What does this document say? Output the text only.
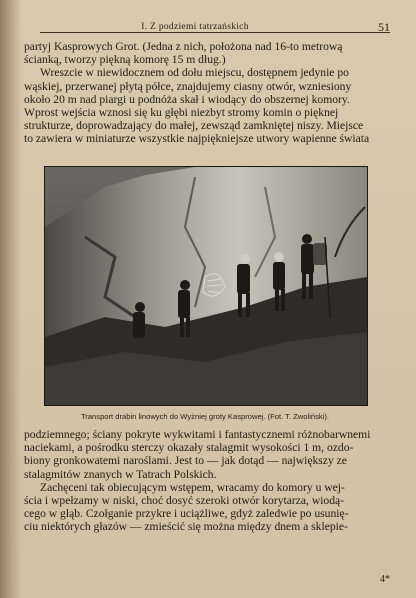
I. Z podziemi tatrzańskich	51

partyj Kasprowych Grot. (Jedna z nich, położona nad 16-to metrową
ścianką, tworzy piękną komorę 15 m dług.)
Wreszcie w niewidocznem od dołu miejscu, dostępnem jedynie po
wąskiej, przerwanej płytą półce, znajdujemy ciasny otwór, wzniesiony
około 20 m nad piargi u podnóża skał i wiodący do obszernej komory.
Wprost wejścia wznosi się ku głębi niezbyt stromy komin o pięknej
strukturze, doprowadzający do małej, zewsząd zamkniętej niszy. Miejsce
to zawiera w miniaturze wszystkie najpiękniejsze utwory wapienne świata

Transport drabin linowych do Wyżniej groty Kasprowej. (Fot. T. Zwoliński).

podziemnego; ściany pokryte wykwitami i fantastycznemi różnobarwnemi
naciekami, a pośrodku sterczy okazały stalagmit wysokości 1 m, ozdo-
biony gronkowatemi naroślami. Jest to — jak dotąd — największy ze
stalagmitów znanych w Tatrach Polskich.
Zachęceni tak obiecującym wstępem, wracamy do komory u wej-
ścia i wpełzamy w niski, choć dosyć szeroki otwór korytarza, wiodą-
cego w głąb. Czołganie przykre i uciążliwe, gdyż zaledwie po usunię-
ciu niektórych głazów — zmieścić się można między dnem a sklepie-

4*
